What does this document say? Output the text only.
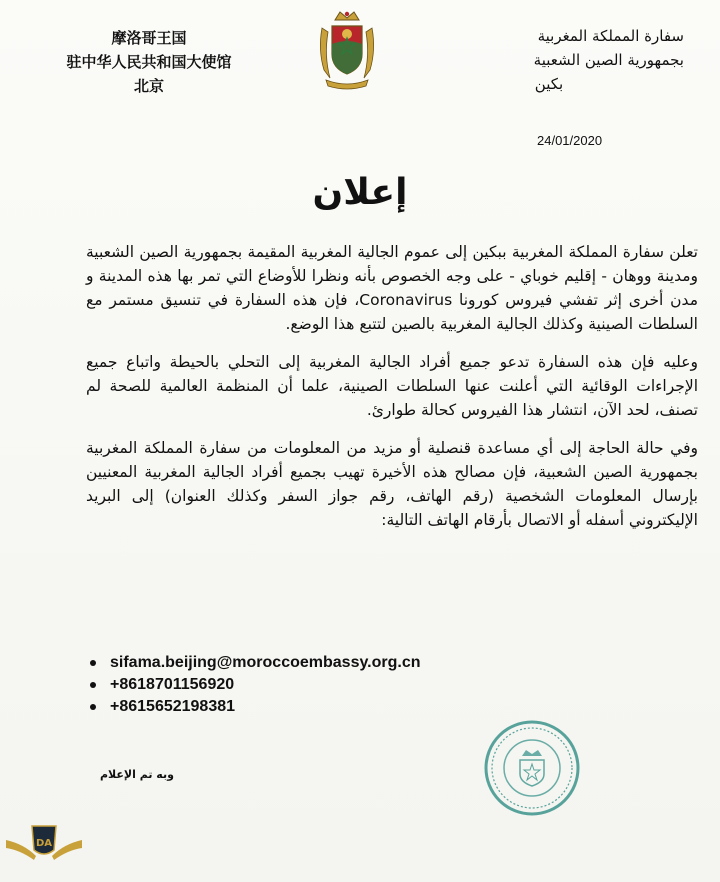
摩洛哥王国
驻中华人民共和国大使馆
北京
سفارة المملكة المغربية
بجمهورية الصين الشعبية
بكين
24/01/2020
إعلان

تعلن سفارة المملكة المغربية ببكين إلى عموم الجالية المغربية المقيمة بجمهورية الصين الشعبية ومدينة ووهان - إقليم خوباي - على وجه الخصوص بأنه ونظرا للأوضاع التي تمر بها هذه المدينة و مدن أخرى إثر تفشي فيروس كورونا Coronavirus، فإن هذه السفارة في تنسيق مستمر مع السلطات الصينية وكذلك الجالية المغربية بالصين لتتبع هذا الوضع.

وعليه فإن هذه السفارة تدعو جميع أفراد الجالية المغربية إلى التحلي بالحيطة واتباع جميع الإجراءات الوقائية التي أعلنت عنها السلطات الصينية، علما أن المنظمة العالمية للصحة لم تصنف، لحد الآن، انتشار هذا الفيروس كحالة طوارئ.

وفي حالة الحاجة إلى أي مساعدة قنصلية أو مزيد من المعلومات من سفارة المملكة المغربية بجمهورية الصين الشعبية، فإن مصالح هذه الأخيرة تهيب بجميع أفراد الجالية المغربية المعنيين بإرسال المعلومات الشخصية (رقم الهاتف، رقم جواز السفر وكذلك العنوان) إلى البريد الإليكتروني أسفله أو الاتصال بأرقام الهاتف التالية:

sifama.beijing@moroccoembassy.org.cn
+8618701156920
+8615652198381
وبه تم الإعلام
DA
